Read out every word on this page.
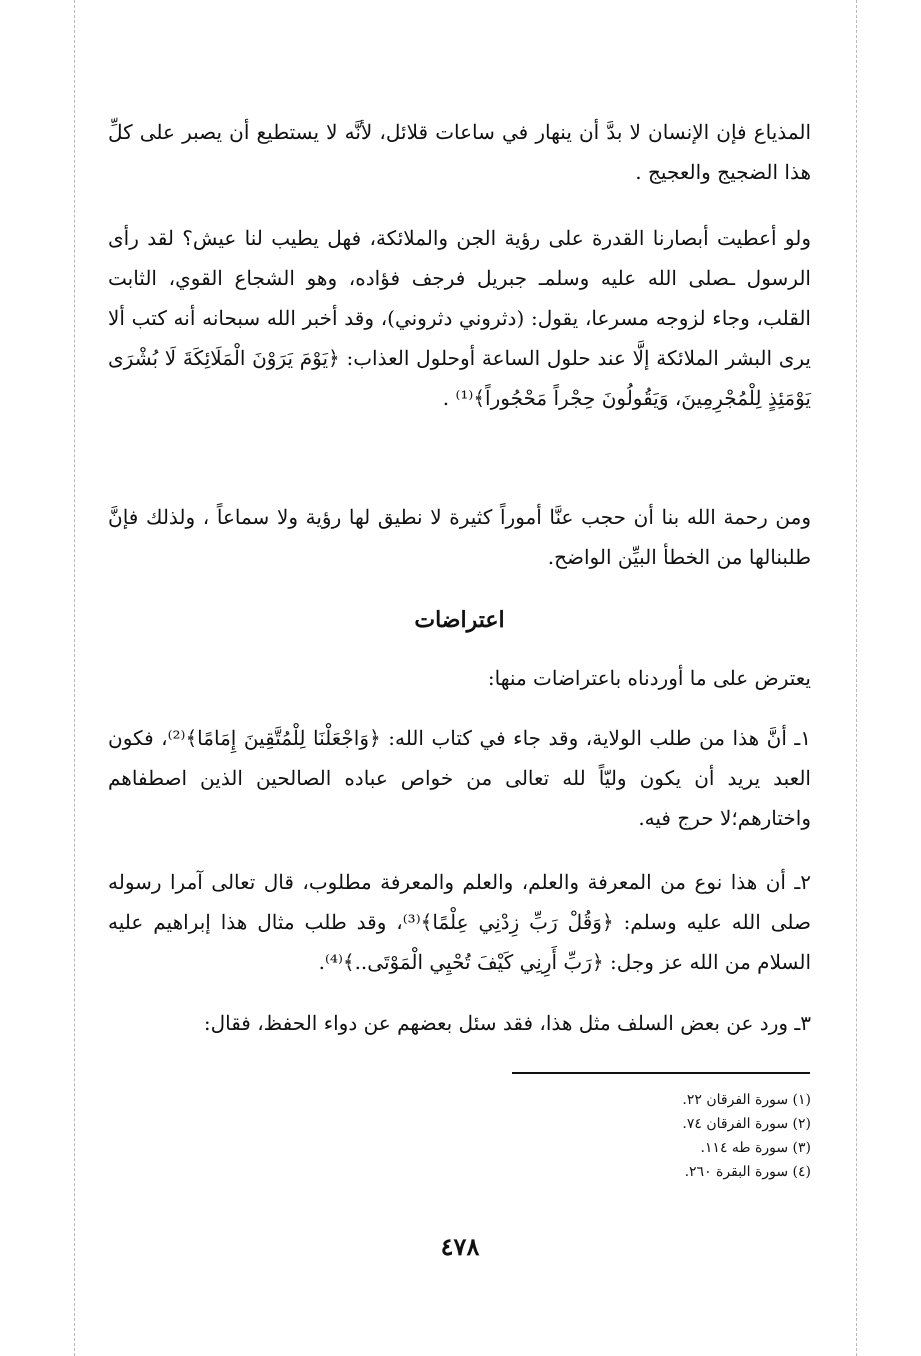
المذياع فإن الإنسان لا بدَّ أن ينهار في ساعات قلائل، لأنَّه لا يستطيع أن يصبر على كلِّ هذا الضجيج والعجيج .

ولو أعطيت أبصارنا القدرة على رؤية الجن والملائكة، فهل يطيب لنا عيش؟ لقد رأى الرسول ـصلى الله عليه وسلمـ جبريل فرجف فؤاده، وهو الشجاع القوي، الثابت القلب، وجاء لزوجه مسرعا، يقول: (دثروني دثروني)، وقد أخبر الله سبحانه أنه كتب ألا يرى البشر الملائكة إلَّا عند حلول الساعة أوحلول العذاب: ﴿يَوْمَ يَرَوْنَ الْمَلَائِكَةَ لَا بُشْرَى يَوْمَئِذٍ لِلْمُجْرِمِينَ، وَيَقُولُونَ حِجْراً مَحْجُوراً﴾⁽¹⁾ .

ومن رحمة الله بنا أن حجب عنَّا أموراً كثيرة لا نطيق لها رؤية ولا سماعاً ، ولذلك فإنَّ طلبنالها من الخطأ البيِّن الواضح.

اعتراضات

يعترض على ما أوردناه باعتراضات منها:

١ـ أنَّ هذا من طلب الولاية، وقد جاء في كتاب الله: ﴿وَاجْعَلْنَا لِلْمُتَّقِينَ إِمَامًا﴾⁽²⁾، فكون العبد يريد أن يكون وليّاً لله تعالى من خواص عباده الصالحين الذين اصطفاهم واختارهم؛لا حرج فيه.

٢ـ أن هذا نوع من المعرفة والعلم، والعلم والمعرفة مطلوب، قال تعالى آمرا رسوله صلى الله عليه وسلم: ﴿وَقُلْ رَبِّ زِدْنِي عِلْمًا﴾⁽³⁾، وقد طلب مثال هذا إبراهيم عليه السلام من الله عز وجل: ﴿رَبِّ أَرِنِي كَيْفَ تُحْيِي الْمَوْتَى..﴾⁽⁴⁾.

٣ـ ورد عن بعض السلف مثل هذا، فقد سئل بعضهم عن دواء الحفظ، فقال:

(١) سورة الفرقان ٢٢.
(٢) سورة الفرقان ٧٤.
(٣) سورة طه ١١٤.
(٤) سورة البقرة ٢٦٠.
٤٧٨
